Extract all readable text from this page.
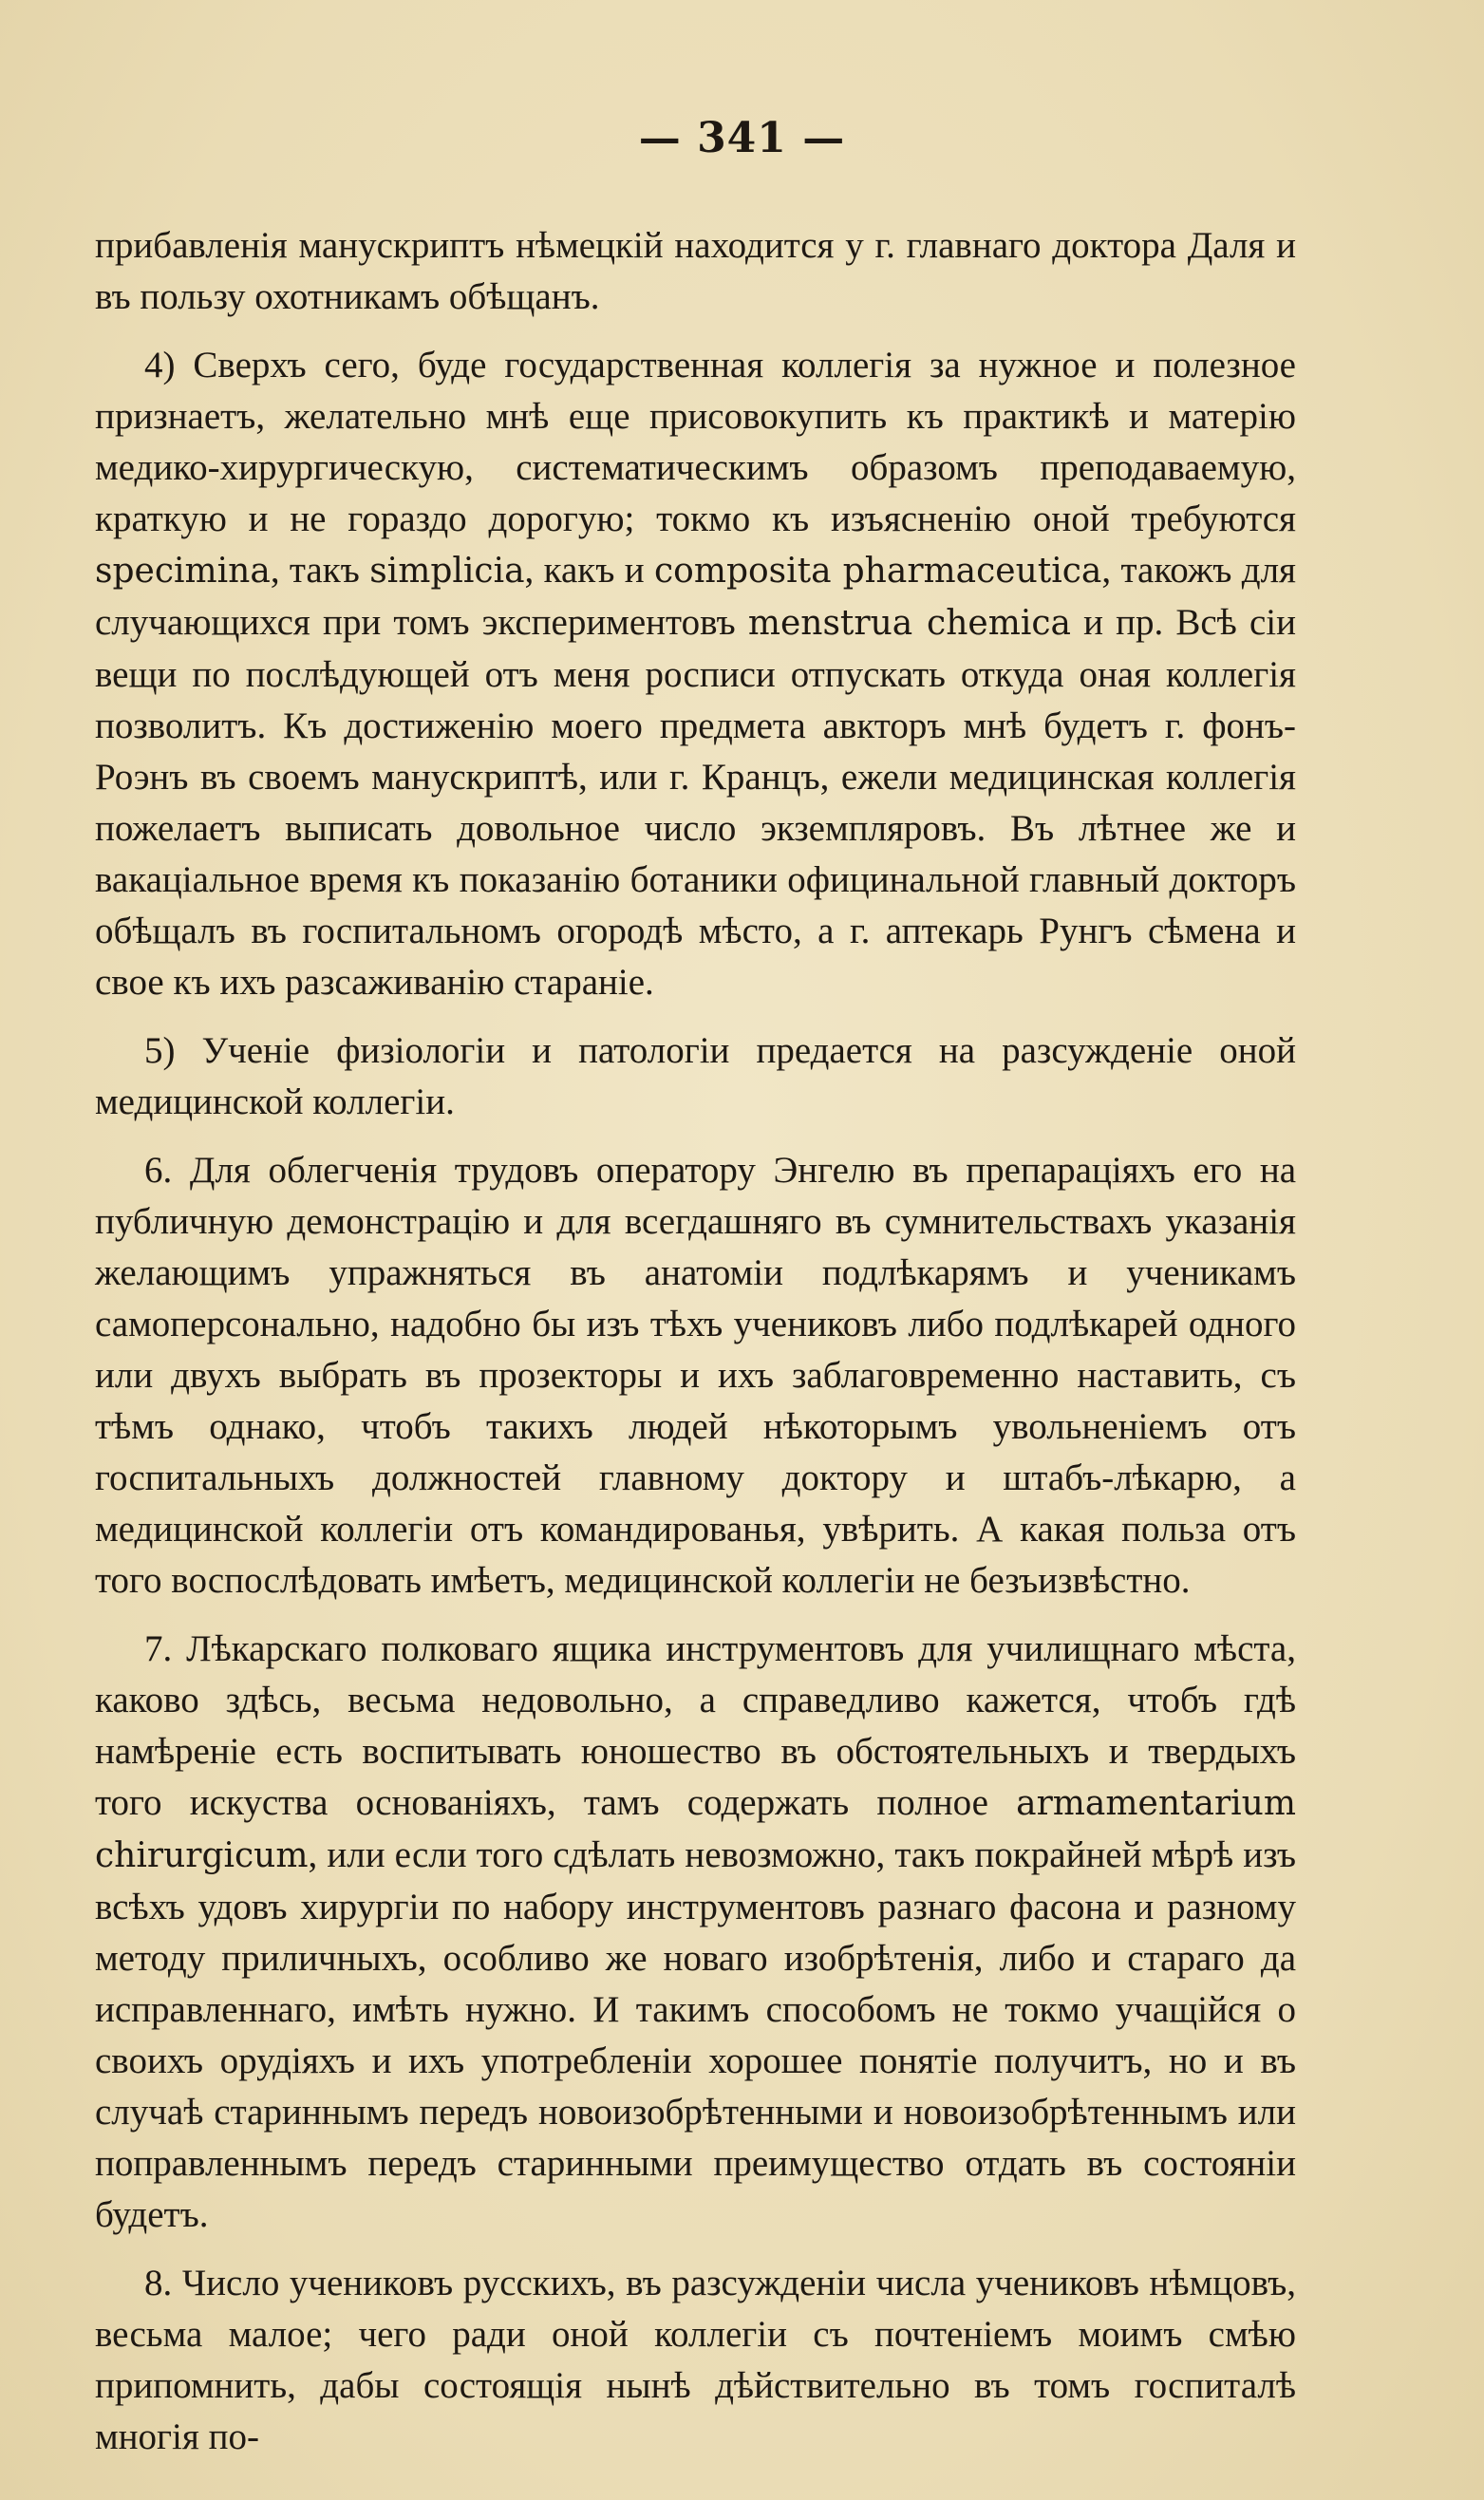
— 341 —

прибавленія манускриптъ нѣмецкій находится у г. главнаго доктора Даля и въ пользу охотникамъ обѣщанъ.

4) Сверхъ сего, буде государственная коллегія за нужное и полезное признаетъ, желательно мнѣ еще присовокупить къ практикѣ и матерію медико-хирургическую, систематическимъ образомъ преподаваемую, краткую и не гораздо дорогую; токмо къ изъясненію оной требуются specimina, такъ simplicia, какъ и composita pharmaceutica, такожъ для случающихся при томъ экспериментовъ menstrua chemica и пр. Всѣ сіи вещи по послѣдующей отъ меня росписи отпускать откуда оная коллегія позволитъ. Къ достиженію моего предмета авкторъ мнѣ будетъ г. фонъ-Роэнъ въ своемъ манускриптѣ, или г. Кранцъ, ежели медицинская коллегія пожелаетъ выписать довольное число экземпляровъ. Въ лѣтнее же и вакаціальное время къ показанію ботаники официнальной главный докторъ обѣщалъ въ госпитальномъ огородѣ мѣсто, а г. аптекарь Рунгъ сѣмена и свое къ ихъ разсаживанію стараніе.

5) Ученіе физіологіи и патологіи предается на разсужденіе оной медицинской коллегіи.

6. Для облегченія трудовъ оператору Энгелю въ препараціяхъ его на публичную демонстрацію и для всегдашняго въ сумнительствахъ указанія желающимъ упражняться въ анатоміи подлѣкарямъ и ученикамъ самоперсонально, надобно бы изъ тѣхъ учениковъ либо подлѣкарей одного или двухъ выбрать въ прозекторы и ихъ заблаговременно наставить, съ тѣмъ однако, чтобъ такихъ людей нѣкоторымъ увольненіемъ отъ госпитальныхъ должностей главному доктору и штабъ-лѣкарю, а медицинской коллегіи отъ командированья, увѣрить. А какая польза отъ того воспослѣдовать имѣетъ, медицинской коллегіи не безъизвѣстно.

7. Лѣкарскаго полковаго ящика инструментовъ для училищнаго мѣста, каково здѣсь, весьма недовольно, а справедливо кажется, чтобъ гдѣ намѣреніе есть воспитывать юношество въ обстоятельныхъ и твердыхъ того искуства основаніяхъ, тамъ содержать полное armamentarium chirurgicum, или если того сдѣлать невозможно, такъ покрайней мѣрѣ изъ всѣхъ удовъ хирургіи по набору инструментовъ разнаго фасона и разному методу приличныхъ, особливо же новаго изобрѣтенія, либо и стараго да исправленнаго, имѣть нужно. И такимъ способомъ не токмо учащійся о своихъ орудіяхъ и ихъ употребленіи хорошее понятіе получитъ, но и въ случаѣ стариннымъ передъ новоизобрѣтенными и новоизобрѣтеннымъ или поправленнымъ передъ старинными преимущество отдать въ состояніи будетъ.

8. Число учениковъ русскихъ, въ разсужденіи числа учениковъ нѣмцовъ, весьма малое; чего ради оной коллегіи съ почтеніемъ моимъ смѣю припомнить, дабы состоящія нынѣ дѣйствительно въ томъ госпиталѣ многія по-
